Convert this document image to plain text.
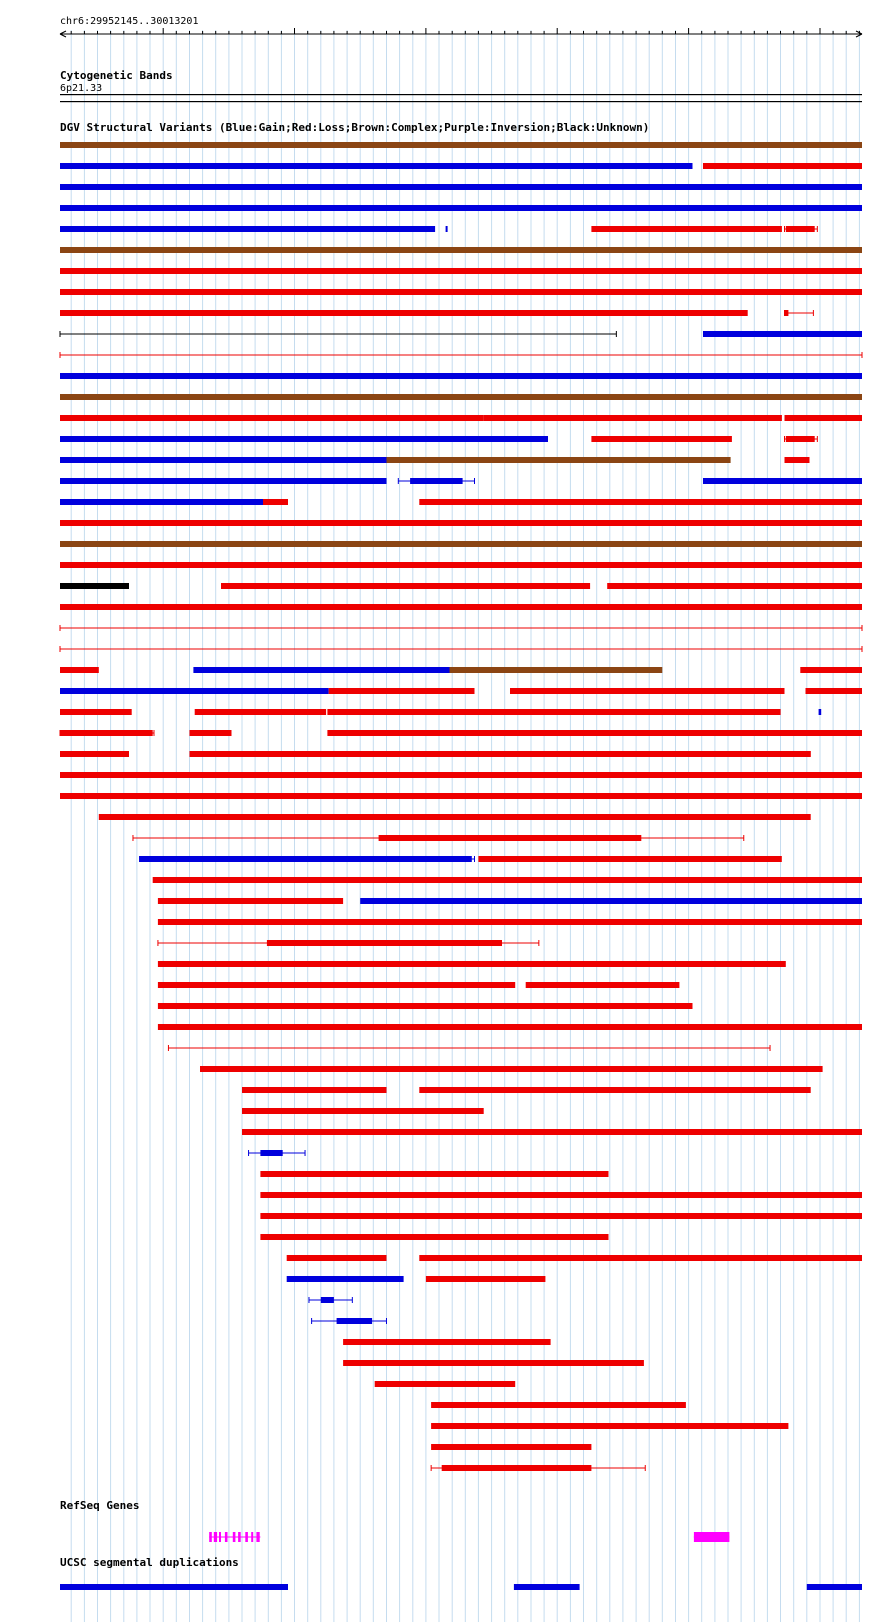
chr6:29952145..30013201
Cytogenetic Bands
6p21.33
DGV Structural Variants (Blue:Gain;Red:Loss;Brown:Complex;Purple:Inversion;Black:Unknown)
RefSeq Genes
UCSC segmental duplications
